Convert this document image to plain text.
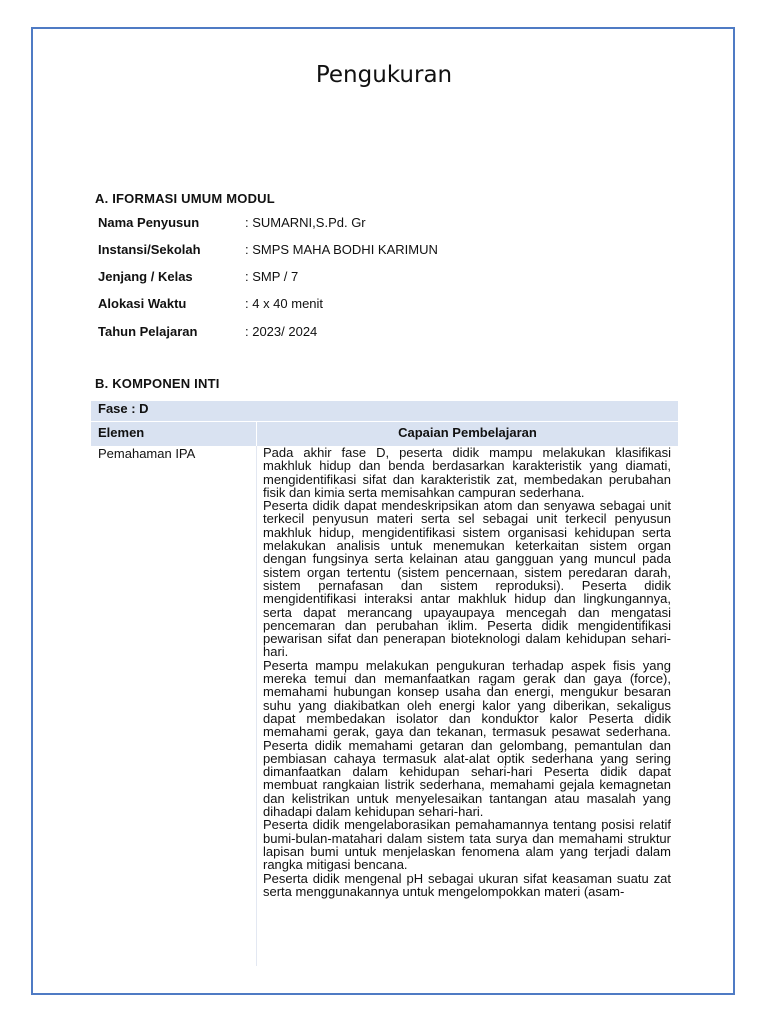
Pengukuran
A. IFORMASI UMUM MODUL
Nama Penyusun	: SUMARNI,S.Pd. Gr
Instansi/Sekolah	: SMPS MAHA BODHI KARIMUN
Jenjang / Kelas	: SMP / 7
Alokasi Waktu	: 4 x 40 menit
Tahun Pelajaran	: 2023/ 2024
B. KOMPONEN INTI
Fase : D
Elemen	Capaian Pembelajaran
Pemahaman IPA	Pada akhir fase D, peserta didik mampu melakukan klasifikasi makhluk hidup dan benda berdasarkan karakteristik yang diamati, mengidentifikasi sifat dan karakteristik zat, membedakan perubahan fisik dan kimia serta memisahkan campuran sederhana.

Peserta didik dapat mendeskripsikan atom dan senyawa sebagai unit terkecil penyusun materi serta sel sebagai unit terkecil penyusun makhluk hidup, mengidentifikasi sistem organisasi kehidupan serta melakukan analisis untuk menemukan keterkaitan sistem organ dengan fungsinya serta kelainan atau gangguan yang muncul pada sistem organ tertentu (sistem pencernaan, sistem peredaran darah, sistem pernafasan dan sistem reproduksi). Peserta didik mengidentifikasi interaksi antar makhluk hidup dan lingkungannya, serta dapat merancang upayaupaya mencegah dan mengatasi pencemaran dan perubahan iklim. Peserta didik mengidentifikasi pewarisan sifat dan penerapan bioteknologi dalam kehidupan sehari-hari.

Peserta mampu melakukan pengukuran terhadap aspek fisis yang mereka temui dan memanfaatkan ragam gerak dan gaya (force), memahami hubungan konsep usaha dan energi, mengukur besaran suhu yang diakibatkan oleh energi kalor yang diberikan, sekaligus dapat membedakan isolator dan konduktor kalor Peserta didik memahami gerak, gaya dan tekanan, termasuk pesawat sederhana. Peserta didik memahami getaran dan gelombang, pemantulan dan pembiasan cahaya termasuk alat-alat optik sederhana yang sering dimanfaatkan dalam kehidupan sehari-hari Peserta didik dapat membuat rangkaian listrik sederhana, memahami gejala kemagnetan dan kelistrikan untuk menyelesaikan tantangan atau masalah yang dihadapi dalam kehidupan sehari-hari.

Peserta didik mengelaborasikan pemahamannya tentang posisi relatif bumi-bulan-matahari dalam sistem tata surya dan memahami struktur lapisan bumi untuk menjelaskan fenomena alam yang terjadi dalam rangka mitigasi bencana.

Peserta didik mengenal pH sebagai ukuran sifat keasaman suatu zat serta menggunakannya untuk mengelompokkan materi (asam-
